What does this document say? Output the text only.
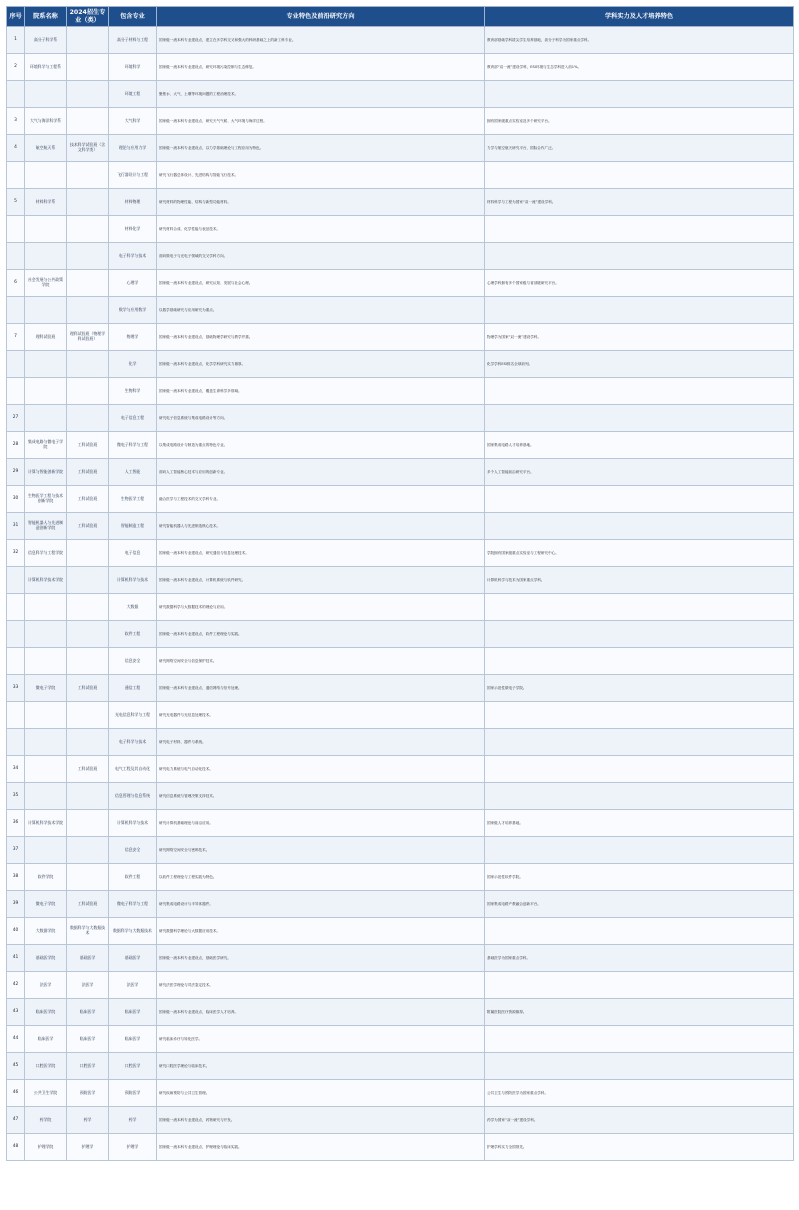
序号	院系名称	2024招生专业（类）	包含专业	专业特色及前沿研究方向	学科实力及人才培养特色
1	高分子科学系		高分子材料与工程	国家级一流本科专业建设点，建立在多学科交叉和强大的科研基础之上的新工科专业。	教育部基础学科拔尖学生培养基地，高分子科学为国家重点学科。
2	环境科学与工程系		环境科学	国家级一流本科专业建设点，研究环境污染控制与生态修复。	教育部“双一流”建设学科，ESI环境与生态学科进入前1%。
			环境工程	聚焦水、大气、土壤等环境问题的工程治理技术。	
3	大气与海洋科学系		大气科学	国家级一流本科专业建设点，研究天气气候、大气环境与海洋过程。	拥有国家级重点实验室及多个研究平台。
4	航空航天系	技术科学试验班（含文科学类）	理论与应用力学	国家级一流本科专业建设点，以力学基础理论与工程应用为特色。	力学与航空航天研究平台，国际合作广泛。
			飞行器设计与工程	研究飞行器总体设计、先进结构与智能飞行技术。	
5	材料科学系		材料物理	研究材料的物理性能、结构与新型功能材料。	材料科学与工程为国家“双一流”建设学科。
			材料化学	研究材料合成、化学性能与表征技术。	
			电子科学与技术	面向微电子与光电子领域的交叉学科方向。	
6	社会发展与公共政策学院		心理学	国家级一流本科专业建设点，研究认知、发展与社会心理。	心理学科拥有多个国家级与省部级研究平台。
			数学与应用数学	以数学基础研究与应用研究为重点。	
7	理科试验班	理科试验班（物理学科试验班）	物理学	国家级一流本科专业建设点，基础物理学研究与教学并重。	物理学为国家“双一流”建设学科。
			化学	国家级一流本科专业建设点，化学学科研究实力雄厚。	化学学科ESI排名全球前列。
			生物科学	国家级一流本科专业建设点，覆盖生命科学多领域。	
27			电子信息工程	研究电子信息系统与集成电路设计等方向。	
28	集成电路与微电子学院	工科试验班	微电子科学与工程	以集成电路设计与制造为重点的特色专业。	国家集成电路人才培养基地。
29	计算与智能创新学院	工科试验班	人工智能	面向人工智能核心技术与应用的创新专业。	多个人工智能前沿研究平台。
30	生物医学工程与技术创新学院	工科试验班	生物医学工程	融合医学与工程技术的交叉学科专业。	
31	智能机器人与先进制造创新学院	工科试验班	智能制造工程	研究智能机器人与先进制造核心技术。	
32	信息科学与工程学院		电子信息	国家级一流本科专业建设点，研究通信与信息处理技术。	学院拥有国家级重点实验室与工程研究中心。
	计算机科学技术学院		计算机科学与技术	国家级一流本科专业建设点，计算机系统与软件研究。	计算机科学与技术为国家重点学科。
			大数据	研究数据科学与大数据技术的理论与应用。	
			软件工程	国家级一流本科专业建设点，软件工程理论与实践。	
			信息安全	研究网络空间安全与信息保护技术。	
33	微电子学院	工科试验班	通信工程	国家级一流本科专业建设点，通信网络与信号处理。	国家示范性微电子学院。
			光电信息科学与工程	研究光电器件与光信息处理技术。	
			电子科学与技术	研究电子材料、器件与系统。	
34		工科试验班	电气工程及其自动化	研究电力系统与电气自动化技术。	
35			信息管理与信息系统	研究信息系统与管理决策支持技术。	
36	计算机科学技术学院		计算机科学与技术	研究计算机基础理论与前沿应用。	国家级人才培养基地。
37			信息安全	研究网络空间安全与密码技术。	
38	软件学院		软件工程	以软件工程理论与工程实践为特色。	国家示范性软件学院。
39	微电子学院	工科试验班	微电子科学与工程	研究集成电路设计与半导体器件。	国家集成电路产教融合创新平台。
40	大数据学院	数据科学与大数据技术	数据科学与大数据技术	研究数据科学理论与大数据应用技术。	
41	基础医学院	基础医学	基础医学	国家级一流本科专业建设点，基础医学研究。	基础医学为国家重点学科。
42	法医学	法医学	法医学	研究法医学理论与司法鉴定技术。	
43	临床医学院	临床医学	临床医学	国家级一流本科专业建设点，临床医学人才培养。	附属医院医疗资源雄厚。
44	临床医学	临床医学	临床医学	研究临床诊疗与转化医学。	
45	口腔医学院	口腔医学	口腔医学	研究口腔医学理论与临床技术。	
46	公共卫生学院	预防医学	预防医学	研究疾病预防与公共卫生管理。	公共卫生与预防医学为国家重点学科。
47	药学院	药学	药学	国家级一流本科专业建设点，药物研究与开发。	药学为国家“双一流”建设学科。
48	护理学院	护理学	护理学	国家级一流本科专业建设点，护理理论与临床实践。	护理学科实力全国领先。
